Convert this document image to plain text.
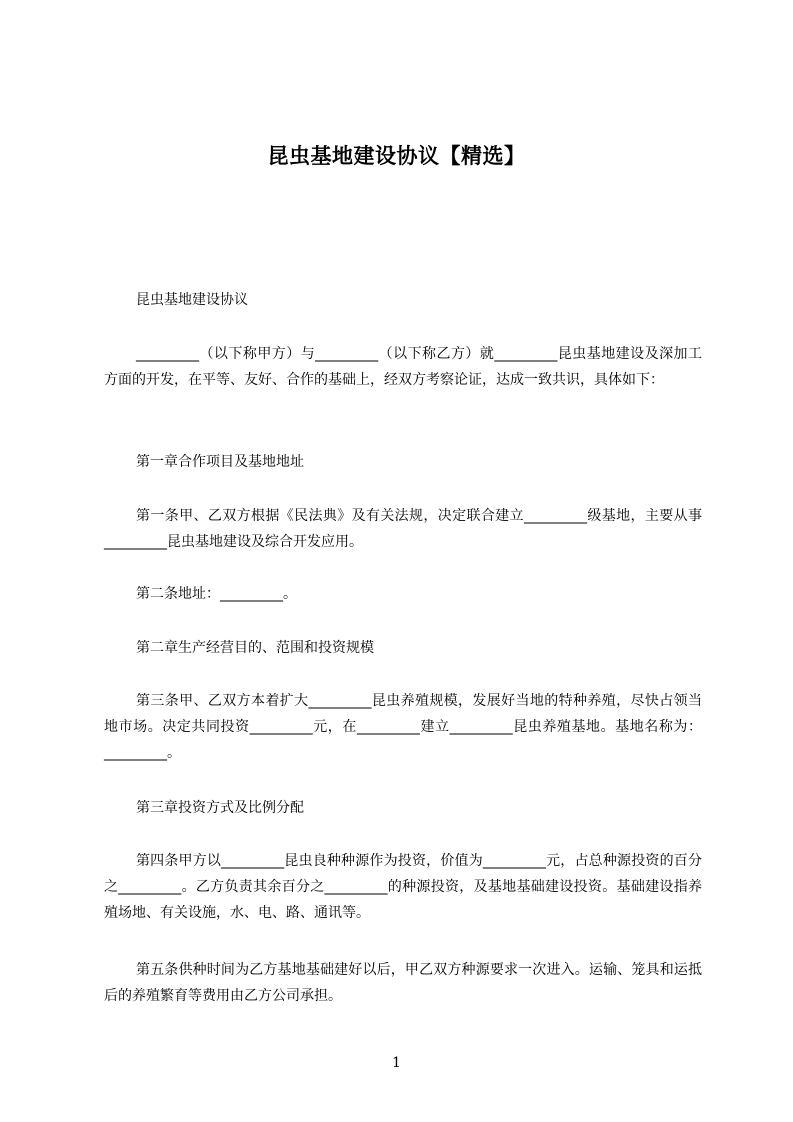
昆虫基地建设协议【精选】

昆虫基地建设协议

_________（以下称甲方）与_________（以下称乙方）就_________昆虫基地建设及深加工方面的开发，在平等、友好、合作的基础上，经双方考察论证，达成一致共识，具体如下：

第一章合作项目及基地地址

第一条甲、乙双方根据《民法典》及有关法规，决定联合建立_________级基地，主要从事_________昆虫基地建设及综合开发应用。

第二条地址：_________。

第二章生产经营目的、范围和投资规模

第三条甲、乙双方本着扩大_________昆虫养殖规模，发展好当地的特种养殖，尽快占领当地市场。决定共同投资_________元，在_________建立_________昆虫养殖基地。基地名称为：_________。

第三章投资方式及比例分配

第四条甲方以_________昆虫良种种源作为投资，价值为_________元，占总种源投资的百分之_________。乙方负责其余百分之_________的种源投资，及基地基础建设投资。基础建设指养殖场地、有关设施，水、电、路、通讯等。

第五条供种时间为乙方基地基础建好以后，甲乙双方种源要求一次进入。运输、笼具和运抵后的养殖繁育等费用由乙方公司承担。

1
